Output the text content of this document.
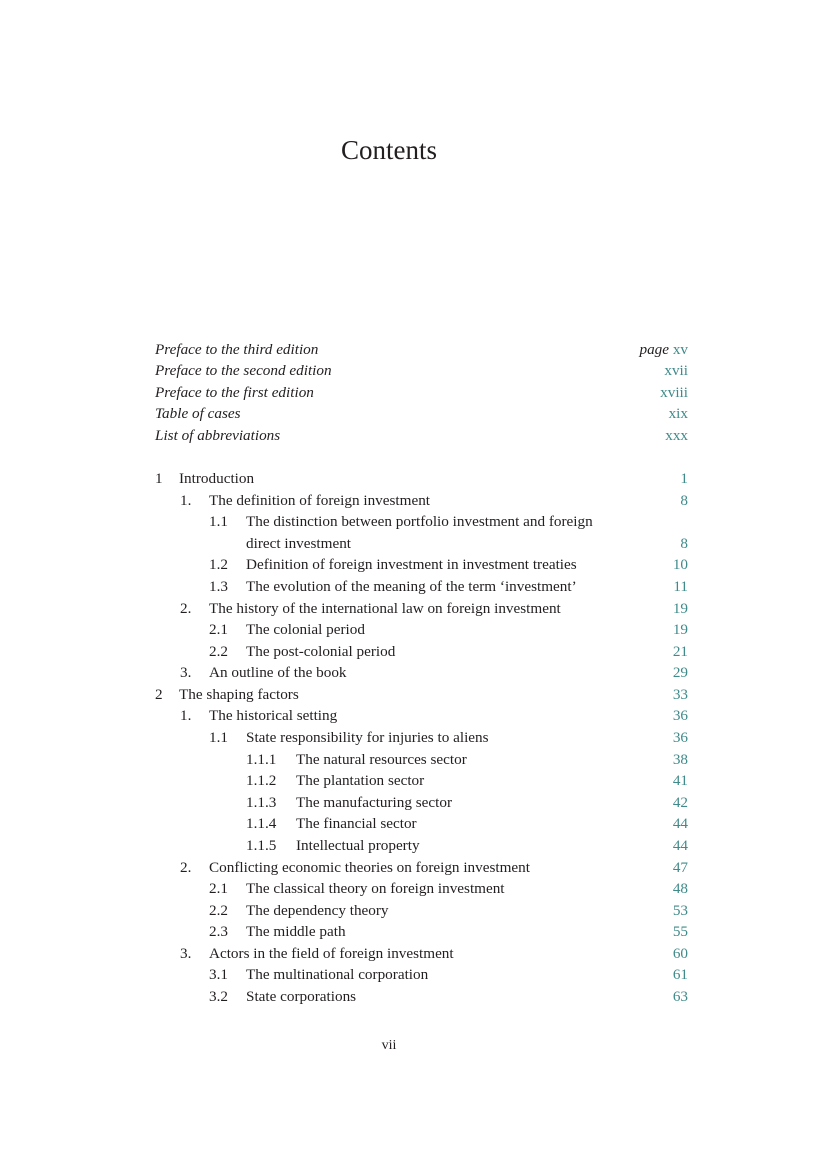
Contents
Preface to the third edition	page xv
Preface to the second edition	xvii
Preface to the first edition	xviii
Table of cases	xix
List of abbreviations	xxx
1 Introduction	1
1. The definition of foreign investment	8
1.1 The distinction between portfolio investment and foreign
direct investment	8
1.2 Definition of foreign investment in investment treaties	10
1.3 The evolution of the meaning of the term ‘investment’	11
2. The history of the international law on foreign investment	19
2.1 The colonial period	19
2.2 The post-colonial period	21
3. An outline of the book	29
2 The shaping factors	33
1. The historical setting	36
1.1 State responsibility for injuries to aliens	36
1.1.1 The natural resources sector	38
1.1.2 The plantation sector	41
1.1.3 The manufacturing sector	42
1.1.4 The financial sector	44
1.1.5 Intellectual property	44
2. Conflicting economic theories on foreign investment	47
2.1 The classical theory on foreign investment	48
2.2 The dependency theory	53
2.3 The middle path	55
3. Actors in the field of foreign investment	60
3.1 The multinational corporation	61
3.2 State corporations	63
vii
